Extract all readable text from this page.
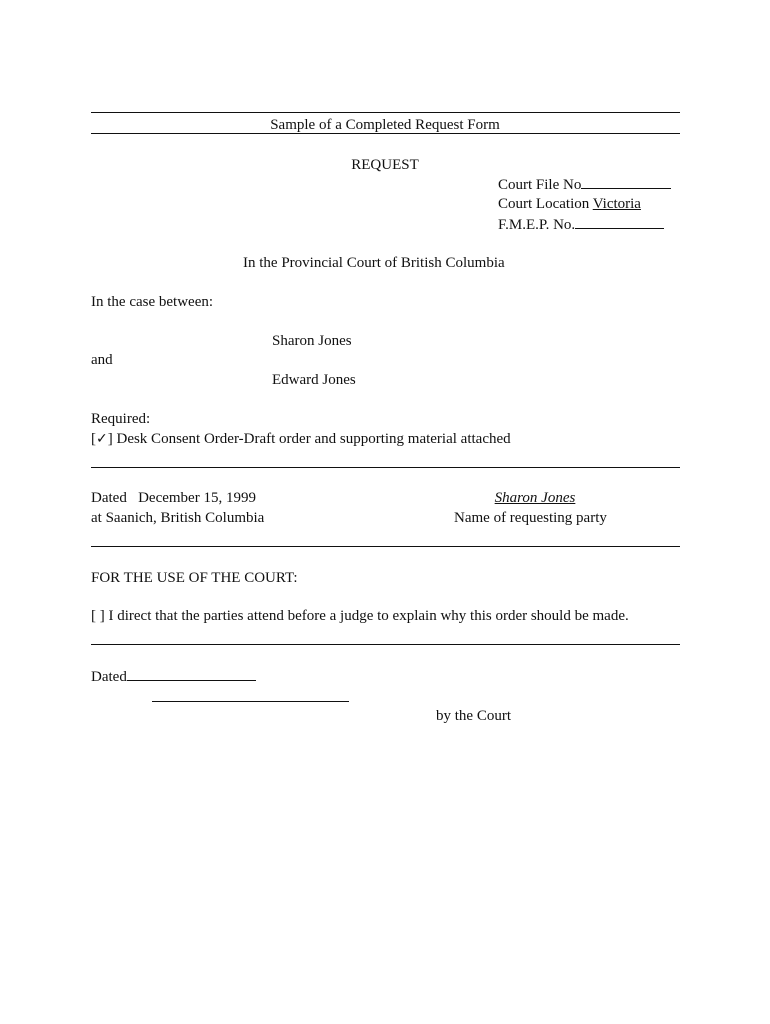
Sample of a Completed Request Form
REQUEST
Court File No
Court Location Victoria
F.M.E.P. No.
In the Provincial Court of British Columbia
In the case between:
Sharon Jones
and
Edward Jones
Required:
[✓] Desk Consent Order-Draft order and supporting material attached
Dated December 15, 1999
at Saanich, British Columbia
Sharon Jones
Name of requesting party
FOR THE USE OF THE COURT:
[ ] I direct that the parties attend before a judge to explain why this order should be made.
Dated
by the Court
